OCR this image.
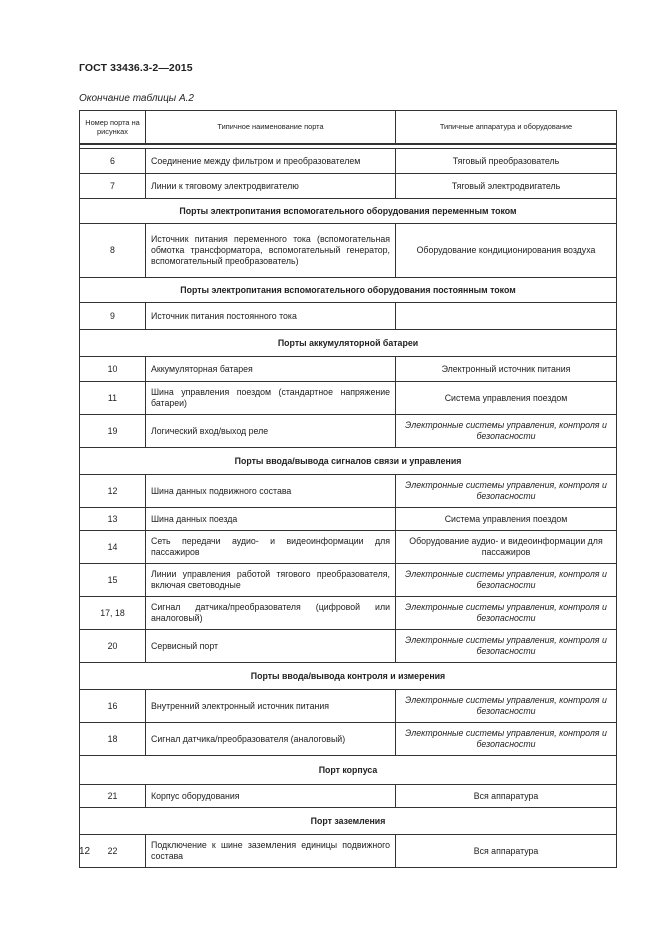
ГОСТ 33436.3-2—2015
Окончание таблицы А.2
Номер порта на рисунках	Типичное наименование порта	Типичные аппаратура и оборудование

6	Соединение между фильтром и преобразователем	Тяговый преобразователь
7	Линии к тяговому электродвигателю	Тяговый электродвигатель
Порты электропитания вспомогательного оборудования переменным током		
8	Источник питания переменного тока (вспомогательная обмотка трансформатора, вспомогательный генератор, вспомогательный преобразователь)	Оборудование кондиционирования воздуха
Порты электропитания вспомогательного оборудования постоянным током		
9	Источник питания постоянного тока	
Порты аккумуляторной батареи		
10	Аккумуляторная батарея	Электронный источник питания
11	Шина управления поездом (стандартное напряжение батареи)	Система управления поездом
19	Логический вход/выход реле	Электронные системы управления, контроля и безопасности
Порты ввода/вывода сигналов связи и управления		
12	Шина данных подвижного состава	Электронные системы управления, контроля и безопасности
13	Шина данных поезда	Система управления поездом
14	Сеть передачи аудио- и видеоинформации для пассажиров	Оборудование аудио- и видеоинформации для пассажиров
15	Линии управления работой тягового преобразователя, включая световодные	Электронные системы управления, контроля и безопасности
17, 18	Сигнал датчика/преобразователя (цифровой или аналоговый)	Электронные системы управления, контроля и безопасности
20	Сервисный порт	Электронные системы управления, контроля и безопасности
Порты ввода/вывода контроля и измерения		
16	Внутренний электронный источник питания	Электронные системы управления, контроля и безопасности
18	Сигнал датчика/преобразователя (аналоговый)	Электронные системы управления, контроля и безопасности
Порт корпуса		
21	Корпус оборудования	Вся аппаратура
Порт заземления		
22	Подключение к шине заземления единицы подвижного состава	Вся аппаратура
12
